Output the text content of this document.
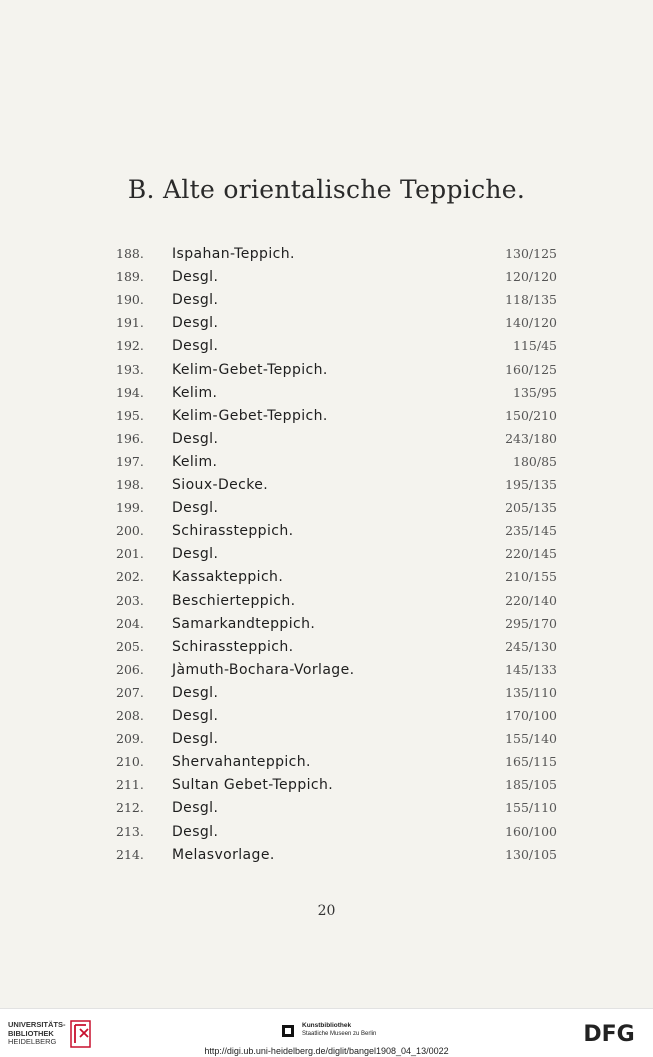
B. Alte orientalische Teppiche.
188.	Ispahan-Teppich.	130/125
189.	Desgl.	120/120
190.	Desgl.	118/135
191.	Desgl.	140/120
192.	Desgl.	115/45
193.	Kelim-Gebet-Teppich.	160/125
194.	Kelim.	135/95
195.	Kelim-Gebet-Teppich.	150/210
196.	Desgl.	243/180
197.	Kelim.	180/85
198.	Sioux-Decke.	195/135
199.	Desgl.	205/135
200.	Schirassteppich.	235/145
201.	Desgl.	220/145
202.	Kassakteppich.	210/155
203.	Beschierteppich.	220/140
204.	Samarkandteppich.	295/170
205.	Schirassteppich.	245/130
206.	Jàmuth-Bochara-Vorlage.	145/133
207.	Desgl.	135/110
208.	Desgl.	170/100
209.	Desgl.	155/140
210.	Shervahanteppich.	165/115
211.	Sultan Gebet-Teppich.	185/105
212.	Desgl.	155/110
213.	Desgl.	160/100
214.	Melasvorlage.	130/105
20
UNIVERSITÄTS-
BIBLIOTHEK
HEIDELBERG
Kunstbibliothek
Staatliche Museen zu Berlin	DFG
http://digi.ub.uni-heidelberg.de/diglit/bangel1908_04_13/0022
